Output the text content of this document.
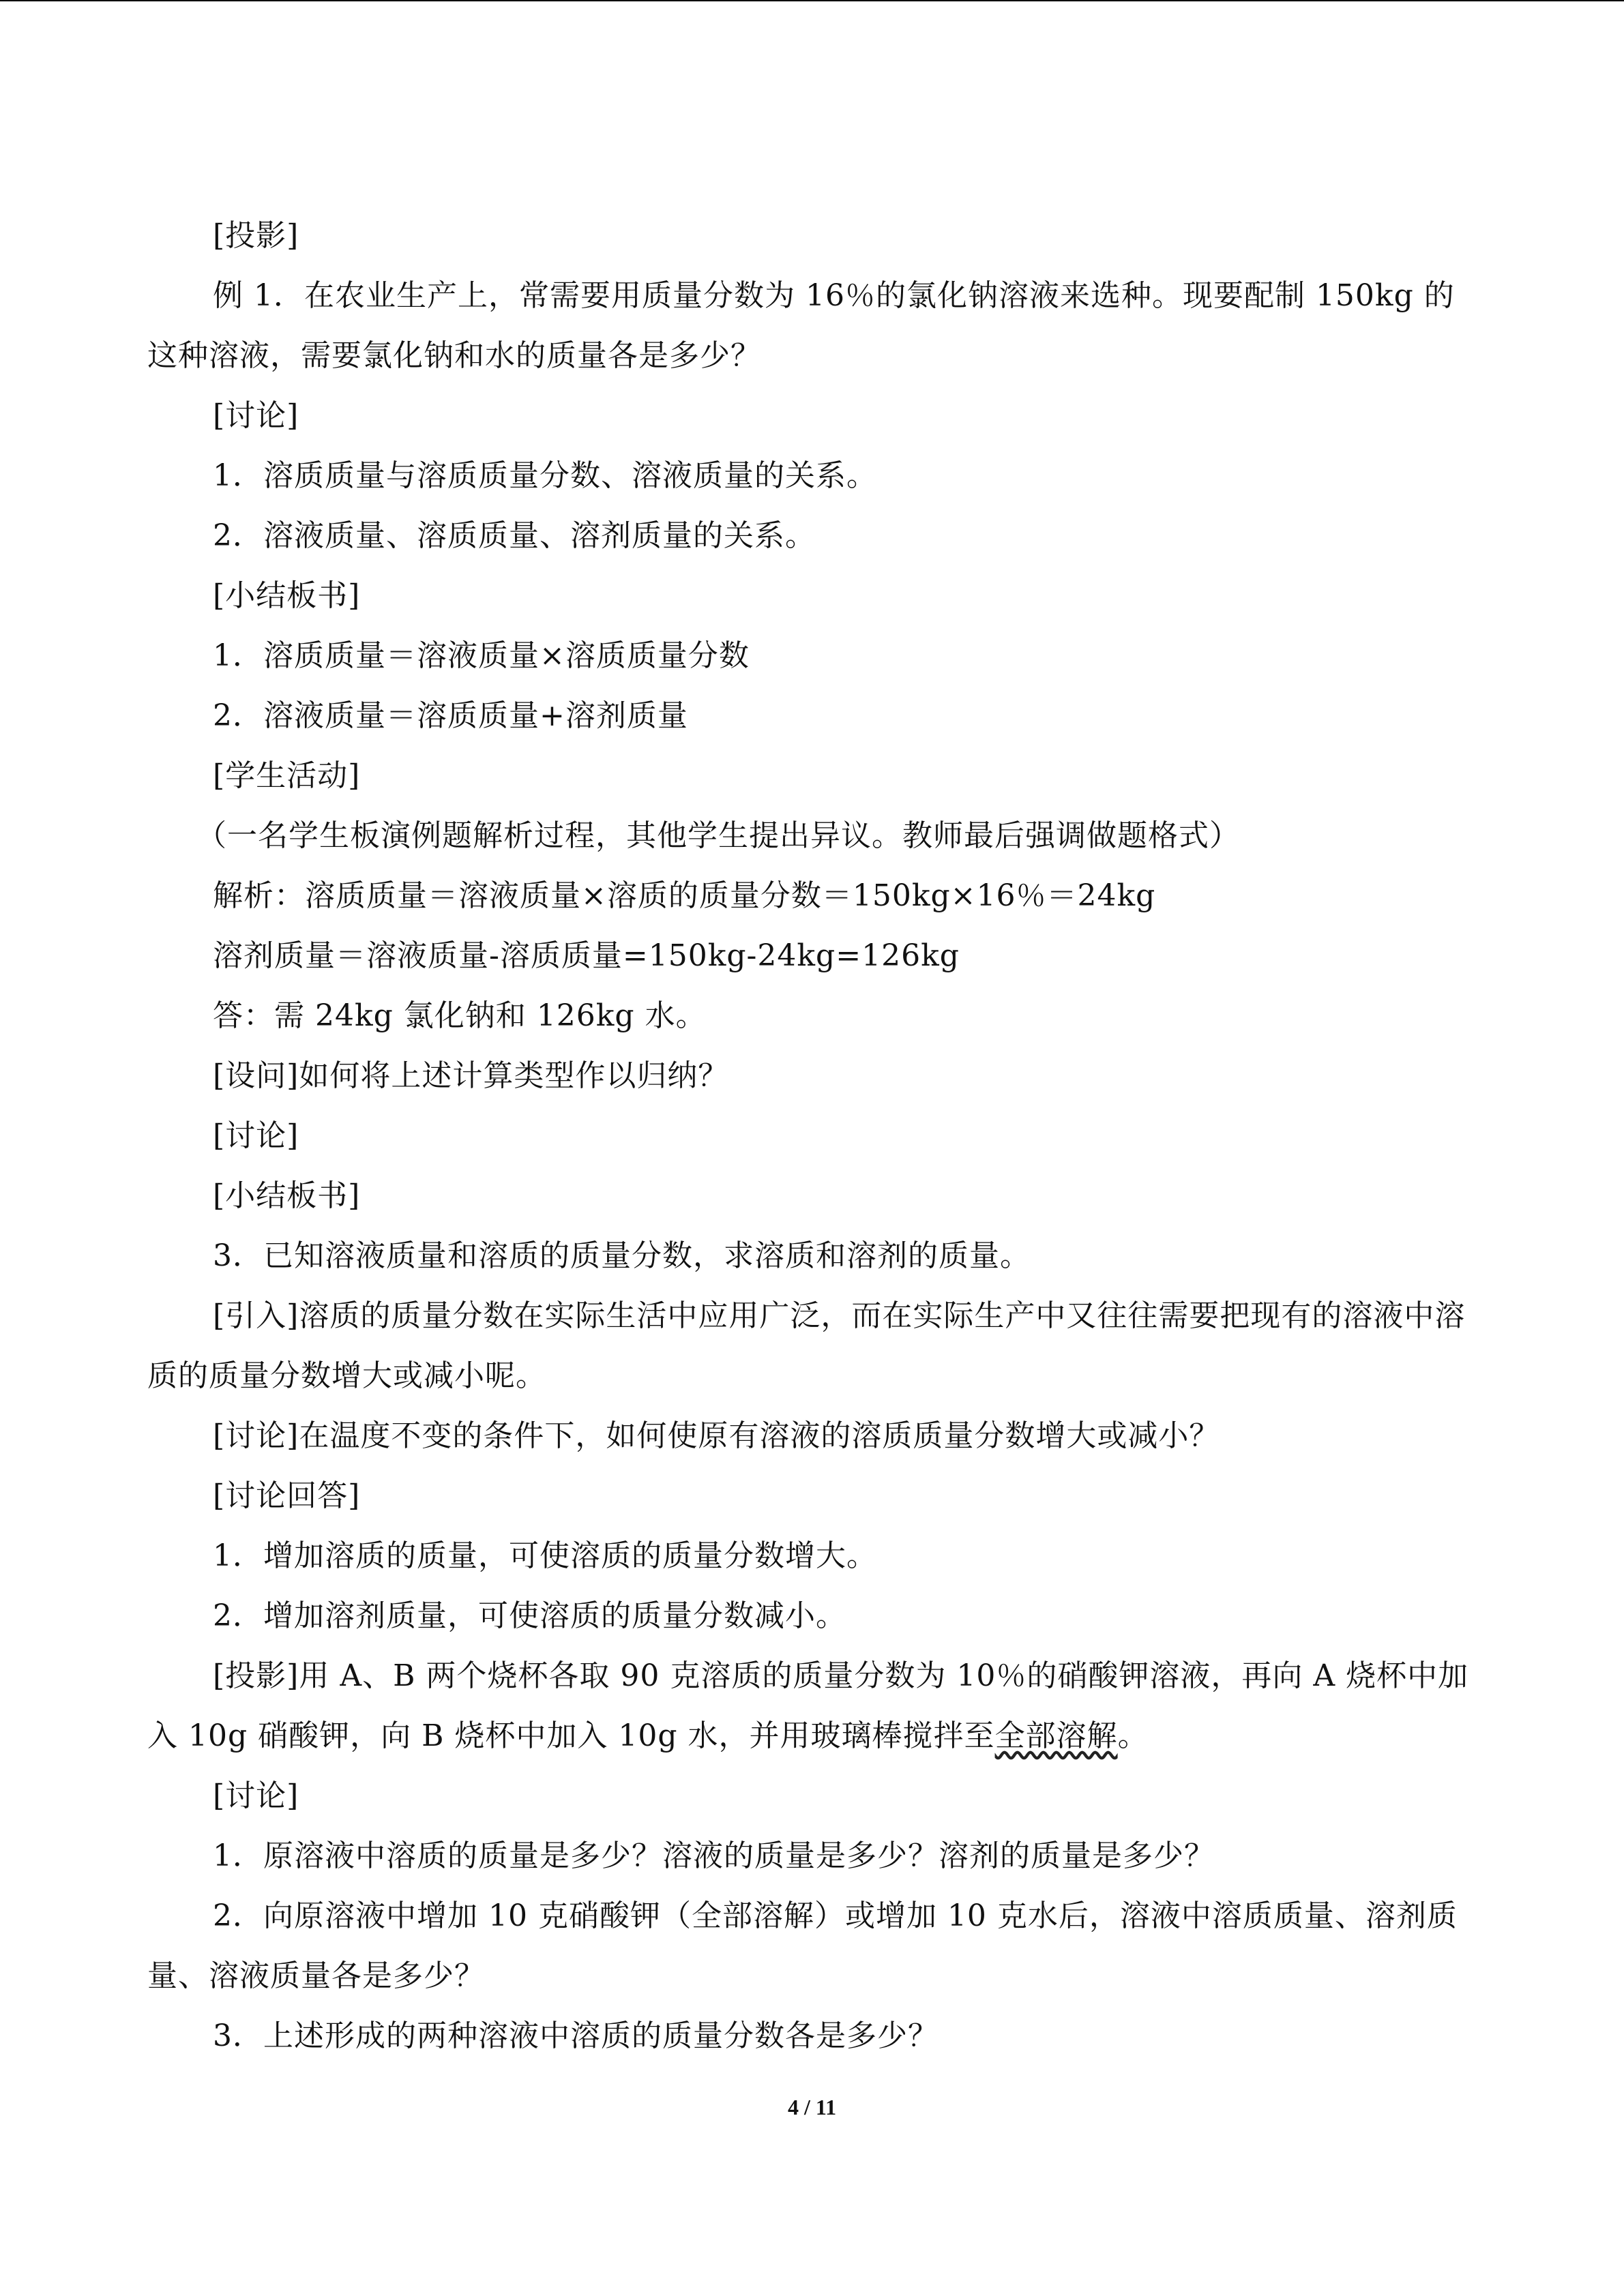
[投影]

例 1．在农业生产上，常需要用质量分数为 16％的氯化钠溶液来选种。现要配制 150kg 的这种溶液，需要氯化钠和水的质量各是多少？

[讨论]

1．溶质质量与溶质质量分数、溶液质量的关系。

2．溶液质量、溶质质量、溶剂质量的关系。

[小结板书]

1．溶质质量＝溶液质量×溶质质量分数

2．溶液质量＝溶质质量+溶剂质量

[学生活动]

（一名学生板演例题解析过程，其他学生提出异议。教师最后强调做题格式）

解析：溶质质量＝溶液质量×溶质的质量分数＝150kg×16％＝24kg

溶剂质量＝溶液质量-溶质质量=150kg-24kg=126kg

答：需 24kg 氯化钠和 126kg 水。

[设问]如何将上述计算类型作以归纳？

[讨论]

[小结板书]

3．已知溶液质量和溶质的质量分数，求溶质和溶剂的质量。

[引入]溶质的质量分数在实际生活中应用广泛，而在实际生产中又往往需要把现有的溶液中溶质的质量分数增大或减小呢。

[讨论]在温度不变的条件下，如何使原有溶液的溶质质量分数增大或减小？

[讨论回答]

1．增加溶质的质量，可使溶质的质量分数增大。

2．增加溶剂质量，可使溶质的质量分数减小。

[投影]用 A、B 两个烧杯各取 90 克溶质的质量分数为 10％的硝酸钾溶液，再向 A 烧杯中加入 10g 硝酸钾，向 B 烧杯中加入 10g 水，并用玻璃棒搅拌至全部溶解。

[讨论]

1．原溶液中溶质的质量是多少？溶液的质量是多少？溶剂的质量是多少？

2．向原溶液中增加 10 克硝酸钾（全部溶解）或增加 10 克水后，溶液中溶质质量、溶剂质量、溶液质量各是多少？

3．上述形成的两种溶液中溶质的质量分数各是多少？

4 / 11
